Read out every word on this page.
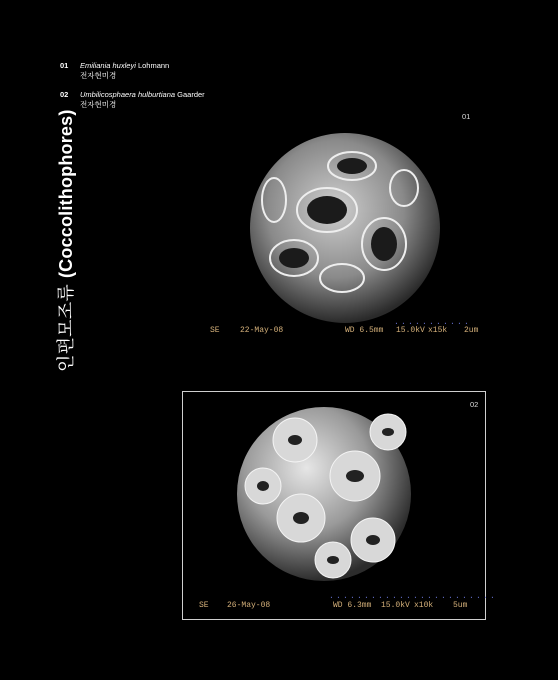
01 Emiliania huxleyi Lohmann
전자현미경
02 Umbilicosphaera hulburtiana Gaarder
전자현미경
인편모조류(Coccolithophores)	01
SE	22-May-08	WD 6.5mm 15.0kV x15k 2um
...........
02
SE 26-May-08	WD 6.3mm 15.0kV x10k 5um
........................
